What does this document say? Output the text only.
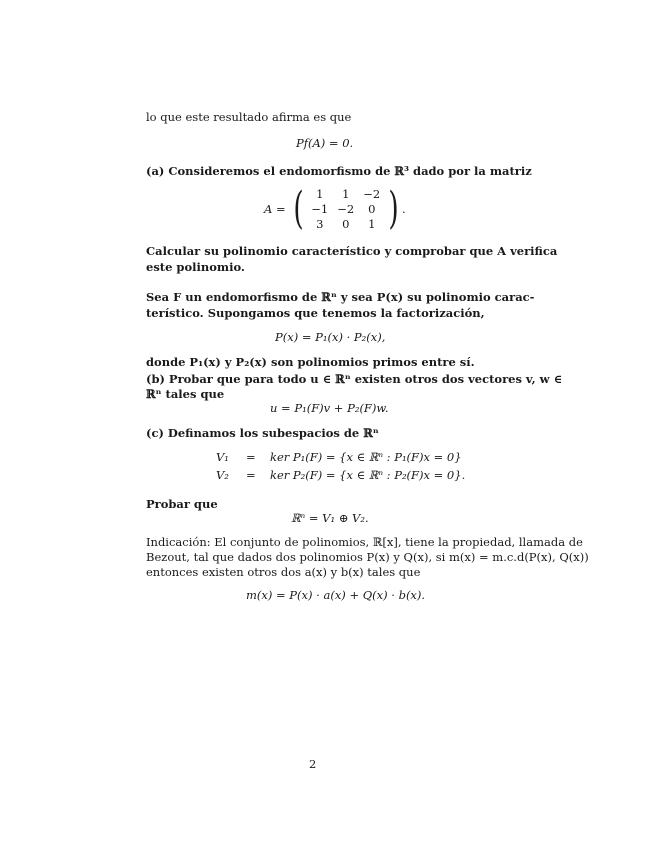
lo que este resultado afirma es que
Pf(A) = 0.
(a) Consideremos el endomorfismo de ℝ³ dado por la matriz
A = (	1	1	−2
−1 −2	0
3	0	1 ) .
Calcular su polinomio característico y comprobar que A verifica
este polinomio.
Sea F un endomorfismo de ℝⁿ y sea P(x) su polinomio carac-
terístico. Supongamos que tenemos la factorización,
P(x) = P₁(x) · P₂(x),
donde P₁(x) y P₂(x) son polinomios primos entre sí.
(b) Probar que para todo u ∈ ℝⁿ existen otros dos vectores v, w ∈
ℝⁿ tales que
u = P₁(F)v + P₂(F)w.
(c) Definamos los subespacios de ℝⁿ
V₁	=	ker P₁(F) = {x ∈ ℝⁿ : P₁(F)x = 0}
V₂	=	ker P₂(F) = {x ∈ ℝⁿ : P₂(F)x = 0}.
Probar que
ℝⁿ = V₁ ⊕ V₂.
Indicación: El conjunto de polinomios, ℝ[x], tiene la propiedad, llamada de
Bezout, tal que dados dos polinomios P(x) y Q(x), si m(x) = m.c.d(P(x), Q(x))
entonces existen otros dos a(x) y b(x) tales que
m(x) = P(x) · a(x) + Q(x) · b(x).
2
